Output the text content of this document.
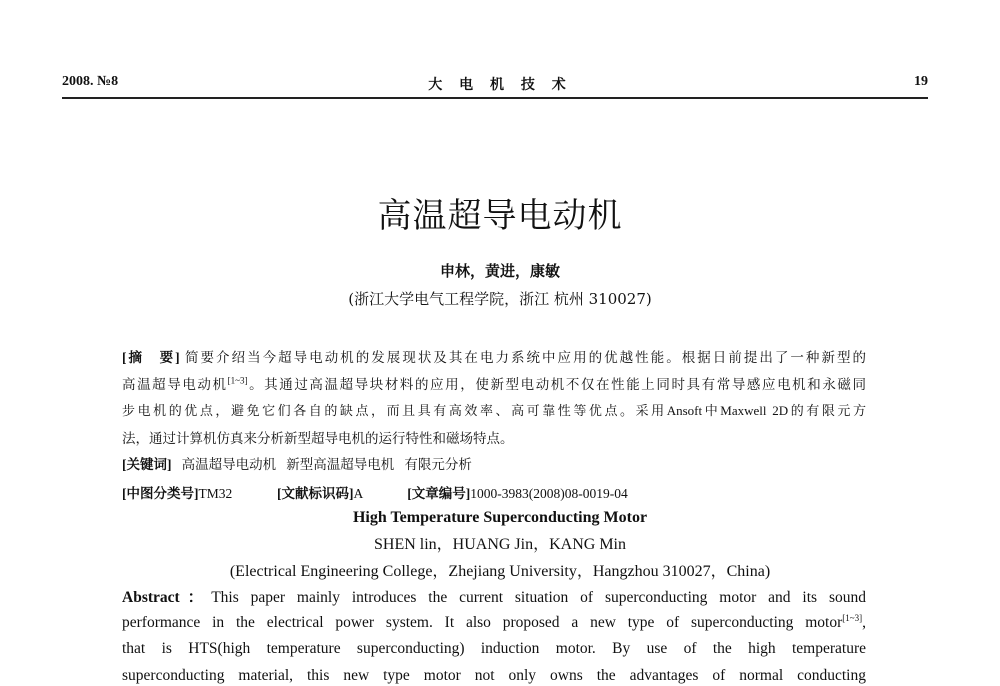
2008. №8	大 电 机 技 术	19
高温超导电动机
申林，黄进，康敏
(浙江大学电气工程学院，浙江 杭州 310027)
[摘　要] 简要介绍当今超导电动机的发展现状及其在电力系统中应用的优越性能。根据日前提出了一种新型的
高温超导电动机[1~3]。其通过高温超导块材料的应用，使新型电动机不仅在性能上同时具有常导感应电机和永磁同
步电机的优点，避免它们各自的缺点，而且具有高效率、高可靠性等优点。采用Ansoft中Maxwell 2D的有限元方
法，通过计算机仿真来分析新型超导电机的运行特性和磁场特点。
[关键词] 高温超导电动机 新型高温超导电机 有限元分析
[中图分类号]TM32	[文献标识码]A	[文章编号]1000-3983(2008)08-0019-04
High Temperature Superconducting Motor
SHEN lin，HUANG Jin，KANG Min
(Electrical Engineering College，Zhejiang University，Hangzhou 310027，China)
Abstract：This paper mainly introduces the current situation of superconducting motor and its sound
performance in the electrical power system. It also proposed a new type of superconducting motor[1~3],
that is HTS(high temperature superconducting) induction motor. By use of the high temperature
superconducting material, this new type motor not only owns the advantages of normal conducting
